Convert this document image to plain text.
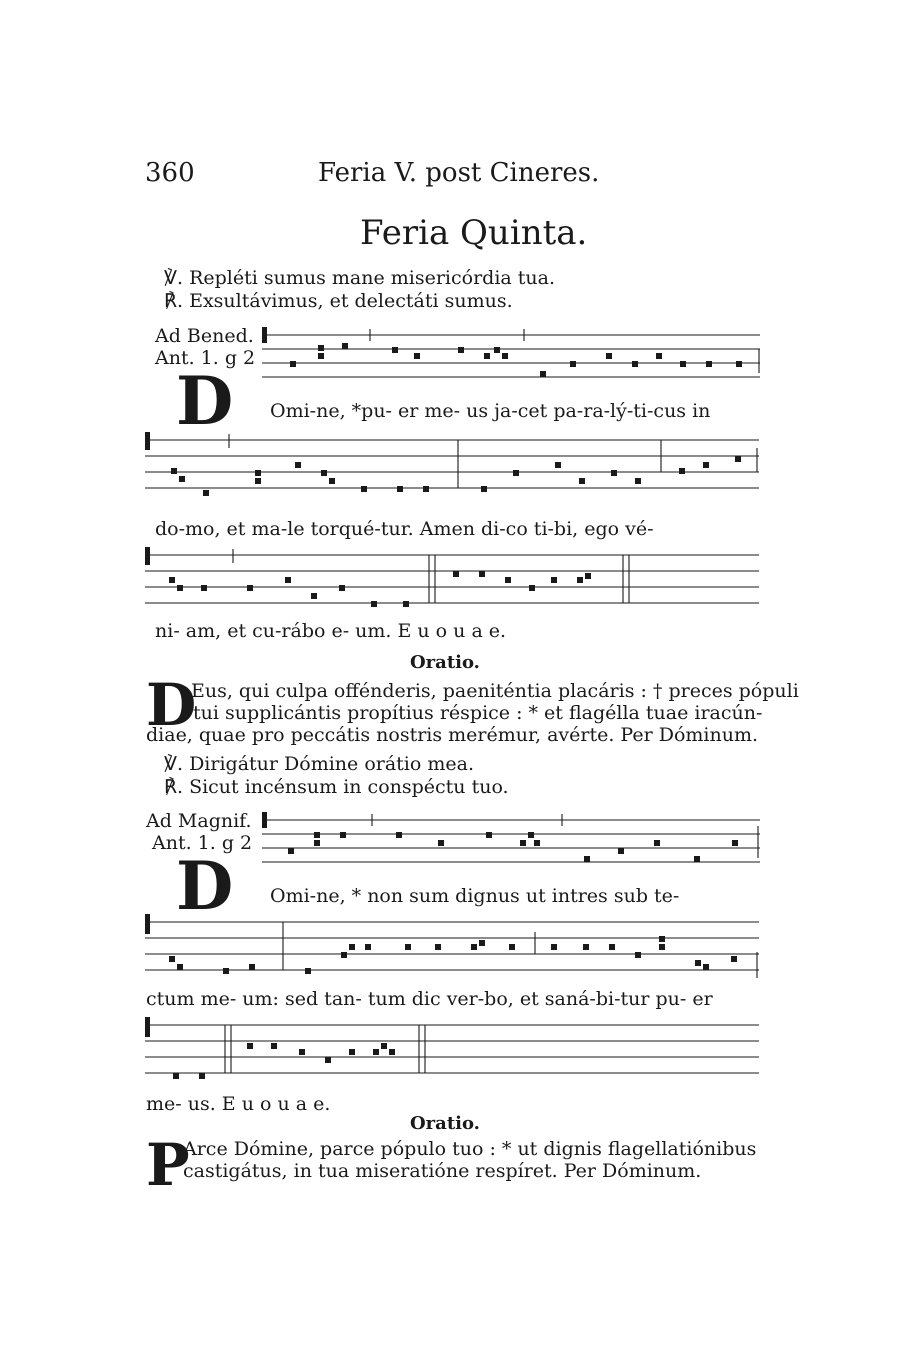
360	Feria V. post Cineres.
Feria Quinta.
℣. Repléti sumus mane misericórdia tua.
℟. Exsultávimus, et delectáti sumus.
Ad Bened.
Ant. 1. g 2
D Omi-ne, *pu- er me- us ja-cet pa-ra-lý-ti-cus in
do-mo, et ma-le torqué-tur. Amen di-co ti-bi, ego vé-
ni- am, et cu-rábo e- um. E u o u a e.
Oratio.
D
Eus, qui culpa offénderis, paeniténtia placáris : † preces pópuli
tui supplicántis propítius réspice : * et flagélla tuae iracún-
diae, quae pro peccátis nostris merémur, avérte. Per Dóminum.
℣. Dirigátur Dómine orátio mea.
℟. Sicut incénsum in conspéctu tuo.
Ad Magnif.
Ant. 1. g 2
D Omi-ne, * non sum dignus ut intres sub te-
ctum me- um: sed tan- tum dic ver-bo, et saná-bi-tur pu- er
me- us. E u o u a e.
Oratio.
P
Arce Dómine, parce pópulo tuo : * ut dignis flagellatiónibus
castigátus, in tua miseratióne respíret. Per Dóminum.
